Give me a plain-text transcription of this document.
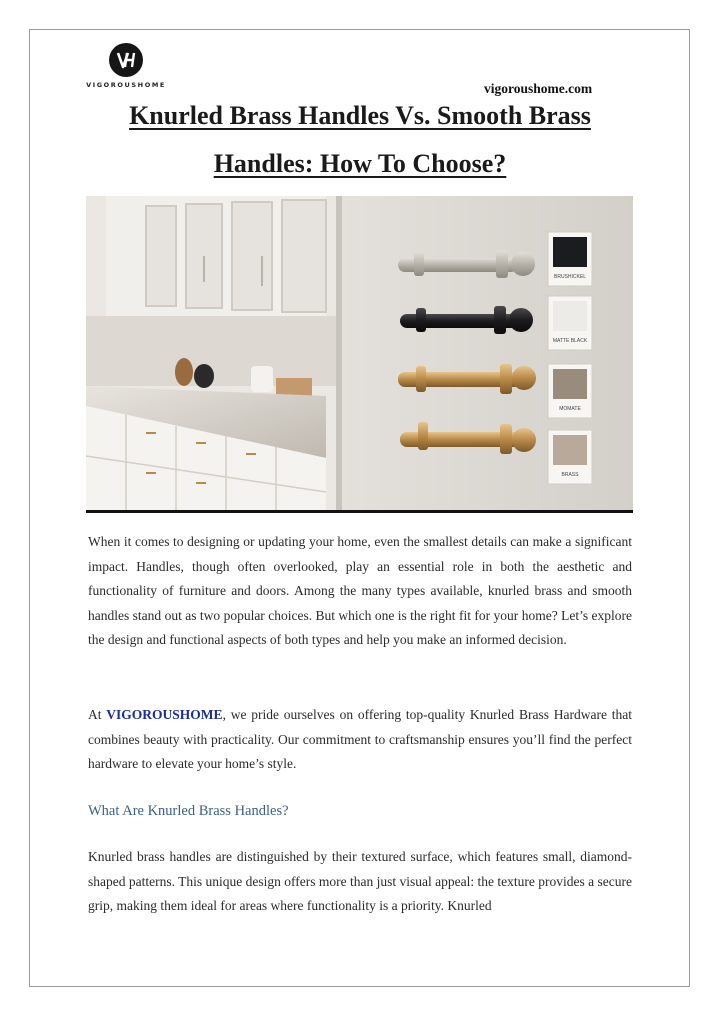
VIGOROUSHOME	vigoroushome.com
Knurled Brass Handles Vs. Smooth Brass
Handles: How To Choose?
BRUSHICKEL
MATTE BLACK
MOMATE
BRASS

When it comes to designing or updating your home, even the smallest details can make a significant impact. Handles, though often overlooked, play an essential role in both the aesthetic and functionality of furniture and doors. Among the many types available, knurled brass and smooth handles stand out as two popular choices. But which one is the right fit for your home? Let’s explore the design and functional aspects of both types and help you make an informed decision.

At VIGOROUSHOME, we pride ourselves on offering top-quality Knurled Brass Hardware that combines beauty with practicality. Our commitment to craftsmanship ensures you’ll find the perfect hardware to elevate your home’s style.

What Are Knurled Brass Handles?

Knurled brass handles are distinguished by their textured surface, which features small, diamond-shaped patterns. This unique design offers more than just visual appeal: the texture provides a secure grip, making them ideal for areas where functionality is a priority. Knurled
